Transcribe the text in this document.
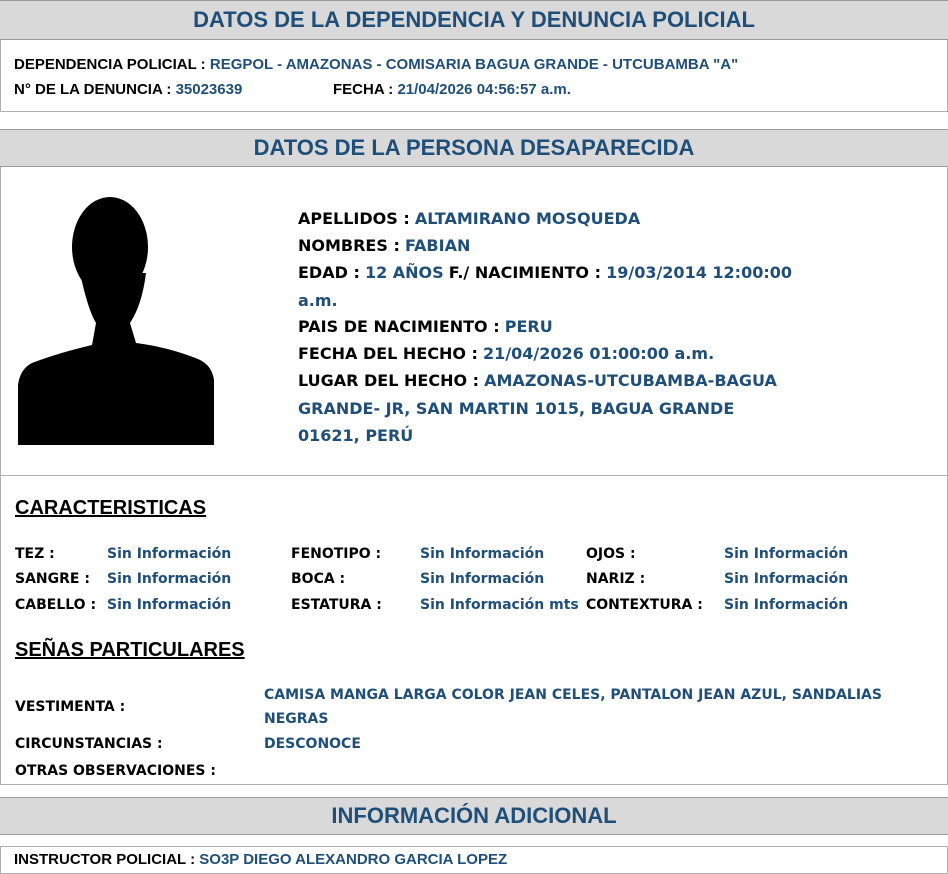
DATOS DE LA DEPENDENCIA Y DENUNCIA POLICIAL
DEPENDENCIA POLICIAL : REGPOL - AMAZONAS - COMISARIA BAGUA GRANDE - UTCUBAMBA "A"
N° DE LA DENUNCIA : 35023639	FECHA : 21/04/2026 04:56:57 a.m.
DATOS DE LA PERSONA DESAPARECIDA
APELLIDOS : ALTAMIRANO MOSQUEDA
NOMBRES : FABIAN
EDAD : 12 AÑOS F./ NACIMIENTO : 19/03/2014 12:00:00
a.m.
PAIS DE NACIMIENTO : PERU
FECHA DEL HECHO : 21/04/2026 01:00:00 a.m.
LUGAR DEL HECHO : AMAZONAS-UTCUBAMBA-BAGUA
GRANDE- JR, SAN MARTIN 1015, BAGUA GRANDE
01621, PERÚ
CARACTERISTICAS
TEZ :	Sin Información	FENOTIPO :	Sin Información	OJOS :	Sin Información
SANGRE : Sin Información	BOCA :	Sin Información	NARIZ :	Sin Información
CABELLO : Sin Información	ESTATURA :	Sin Información mts CONTEXTURA : Sin Información
SEÑAS PARTICULARES
VESTIMENTA :
CAMISA MANGA LARGA COLOR JEAN CELES, PANTALON JEAN AZUL, SANDALIAS
NEGRAS
CIRCUNSTANCIAS :	DESCONOCE
OTRAS OBSERVACIONES :
INFORMACIÓN ADICIONAL
INSTRUCTOR POLICIAL : SO3P DIEGO ALEXANDRO GARCIA LOPEZ
